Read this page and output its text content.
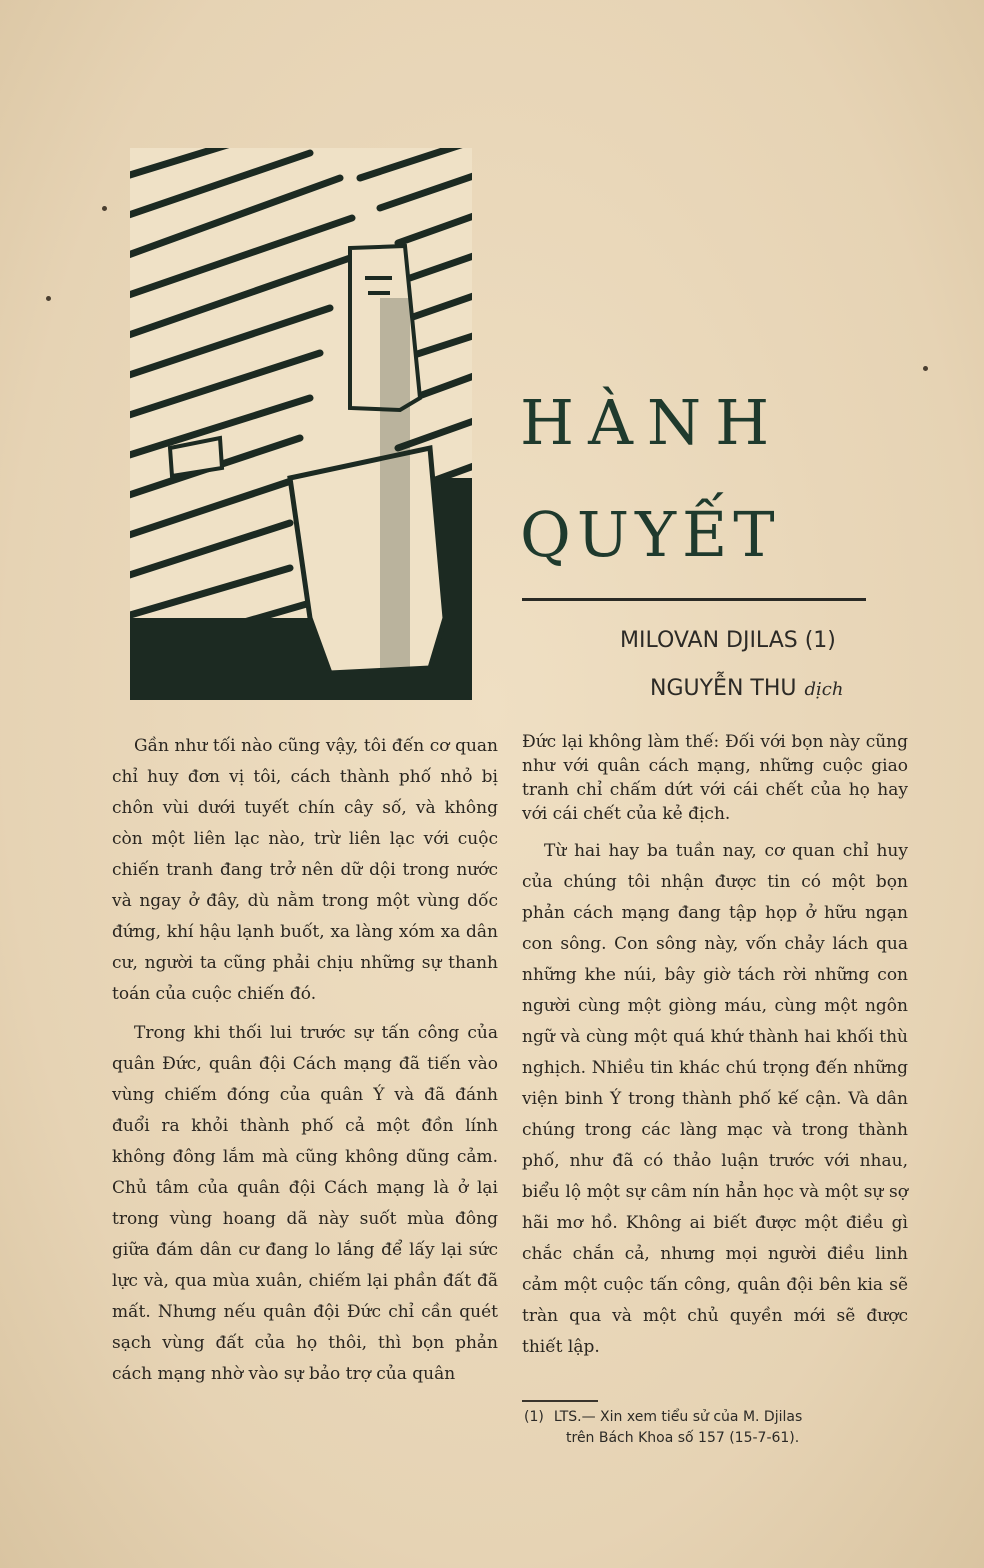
HÀNH
QUYẾT
MILOVAN DJILAS (1)
NGUYỄN THU dịch

Gần như tối nào cũng vậy, tôi đến cơ quan chỉ huy đơn vị tôi, cách thành phố nhỏ bị chôn vùi dưới tuyết chín cây số, và không còn một liên lạc nào, trừ liên lạc với cuộc chiến tranh đang trở nên dữ dội trong nước và ngay ở đây, dù nằm trong một vùng dốc đứng, khí hậu lạnh buốt, xa làng xóm xa dân cư, người ta cũng phải chịu những sự thanh toán của cuộc chiến đó.

Trong khi thối lui trước sự tấn công của quân Đức, quân đội Cách mạng đã tiến vào vùng chiếm đóng của quân Ý và đã đánh đuổi ra khỏi thành phố cả một đồn lính không đông lắm mà cũng không dũng cảm. Chủ tâm của quân đội Cách mạng là ở lại trong vùng hoang dã này suốt mùa đông giữa đám dân cư đang lo lắng để lấy lại sức lực và, qua mùa xuân, chiếm lại phần đất đã mất. Nhưng nếu quân đội Đức chỉ cần quét sạch vùng đất của họ thôi, thì bọn phản cách mạng nhờ vào sự bảo trợ của quân

Đức lại không làm thế: Đối với bọn này cũng như với quân cách mạng, những cuộc giao tranh chỉ chấm dứt với cái chết của họ hay với cái chết của kẻ địch.

Từ hai hay ba tuần nay, cơ quan chỉ huy của chúng tôi nhận được tin có một bọn phản cách mạng đang tập họp ở hữu ngạn con sông. Con sông này, vốn chảy lách qua những khe núi, bây giờ tách rời những con người cùng một giòng máu, cùng một ngôn ngữ và cùng một quá khứ thành hai khối thù nghịch. Nhiều tin khác chú trọng đến những viện binh Ý trong thành phố kế cận. Và dân chúng trong các làng mạc và trong thành phố, như đã có thảo luận trước với nhau, biểu lộ một sự câm nín hẳn học và một sự sợ hãi mơ hồ. Không ai biết được một điều gì chắc chắn cả, nhưng mọi người điều linh cảm một cuộc tấn công, quân đội bên kia sẽ tràn qua và một chủ quyền mới sẽ được thiết lập.

(1) LTS.— Xin xem tiểu sử của M. Djilas
trên Bách Khoa số 157 (15-7-61).
